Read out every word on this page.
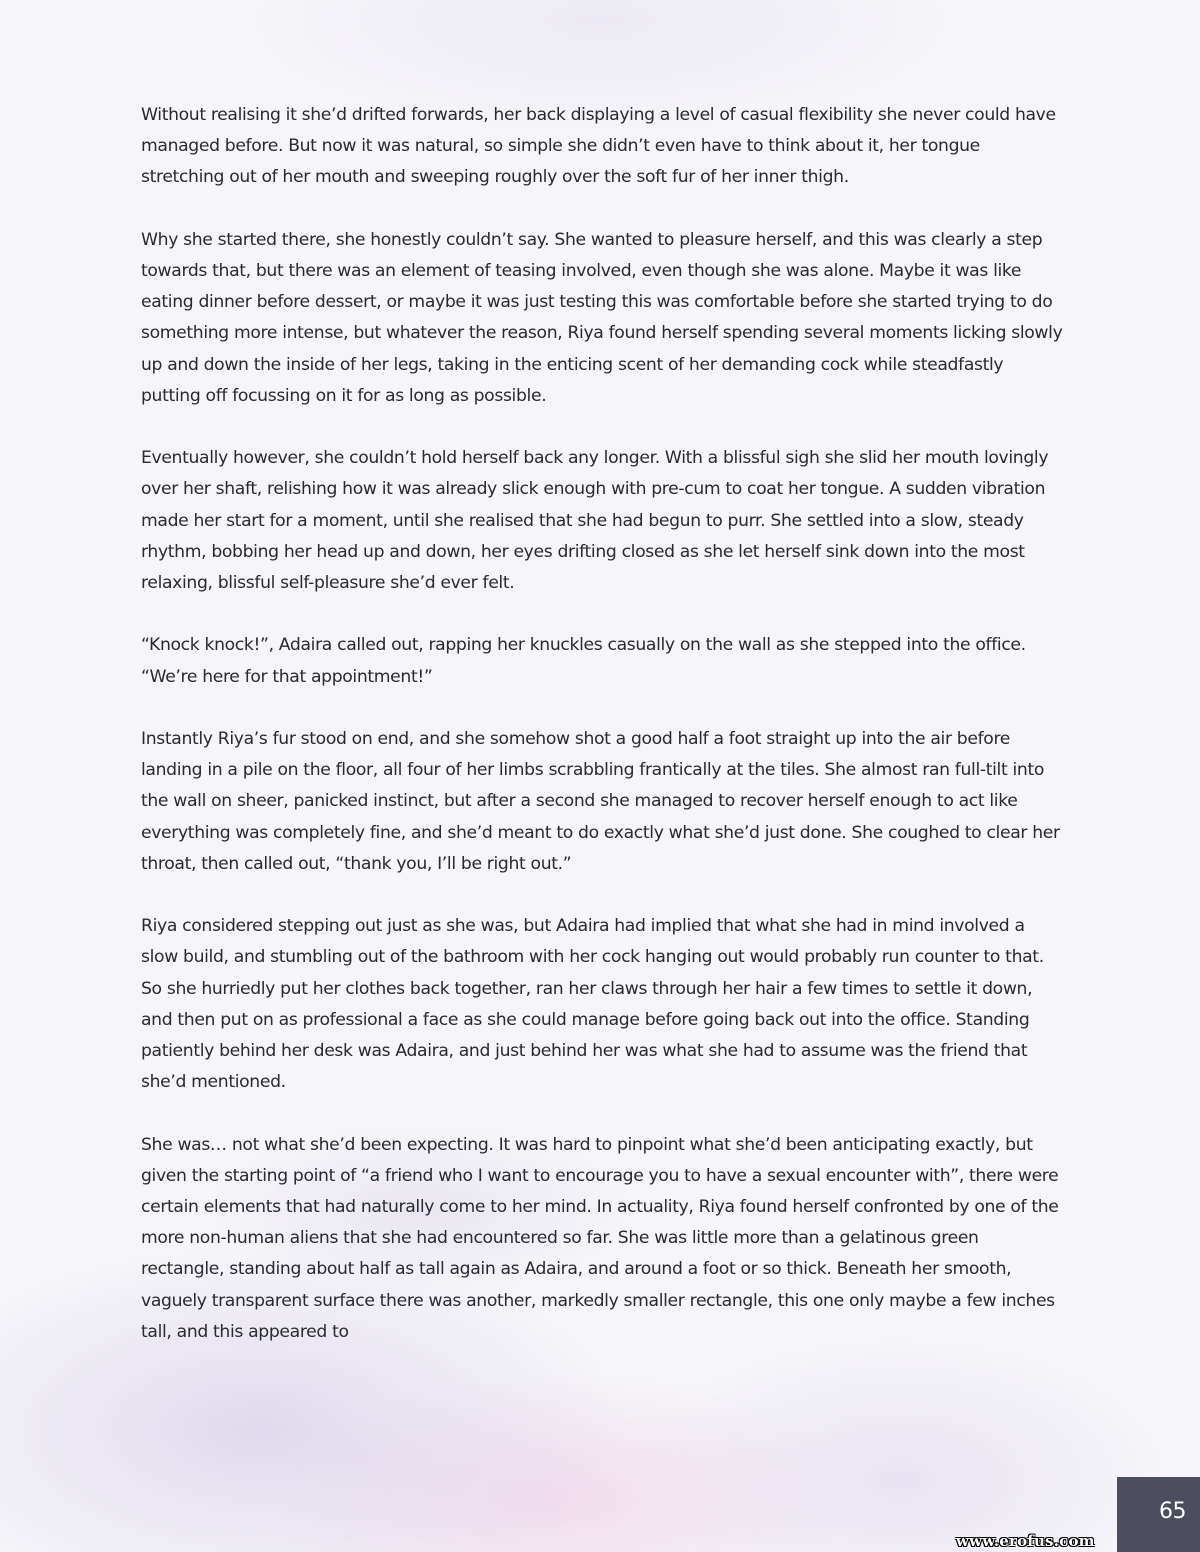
Without realising it she’d drifted forwards, her back displaying a level of casual flexibility she never could have managed before. But now it was natural, so simple she didn’t even have to think about it, her tongue stretching out of her mouth and sweeping roughly over the soft fur of her inner thigh.

Why she started there, she honestly couldn’t say. She wanted to pleasure herself, and this was clearly a step towards that, but there was an element of teasing involved, even though she was alone. Maybe it was like eating dinner before dessert, or maybe it was just testing this was comfortable before she started trying to do something more intense, but whatever the reason, Riya found herself spending several moments licking slowly up and down the inside of her legs, taking in the enticing scent of her demanding cock while steadfastly putting off focussing on it for as long as possible.

Eventually however, she couldn’t hold herself back any longer. With a blissful sigh she slid her mouth lovingly over her shaft, relishing how it was already slick enough with pre-cum to coat her tongue. A sudden vibration made her start for a moment, until she realised that she had begun to purr. She settled into a slow, steady rhythm, bobbing her head up and down, her eyes drifting closed as she let herself sink down into the most relaxing, blissful self-pleasure she’d ever felt.

“Knock knock!”, Adaira called out, rapping her knuckles casually on the wall as she stepped into the office. “We’re here for that appointment!”

Instantly Riya’s fur stood on end, and she somehow shot a good half a foot straight up into the air before landing in a pile on the floor, all four of her limbs scrabbling frantically at the tiles. She almost ran full-tilt into the wall on sheer, panicked instinct, but after a second she managed to recover herself enough to act like everything was completely fine, and she’d meant to do exactly what she’d just done. She coughed to clear her throat, then called out, “thank you, I’ll be right out.”

Riya considered stepping out just as she was, but Adaira had implied that what she had in mind involved a slow build, and stumbling out of the bathroom with her cock hanging out would probably run counter to that. So she hurriedly put her clothes back together, ran her claws through her hair a few times to settle it down, and then put on as professional a face as she could manage before going back out into the office. Standing patiently behind her desk was Adaira, and just behind her was what she had to assume was the friend that she’d mentioned.

She was… not what she’d been expecting. It was hard to pinpoint what she’d been anticipating exactly, but given the starting point of “a friend who I want to encourage you to have a sexual encounter with”, there were certain elements that had naturally come to her mind. In actuality, Riya found herself confronted by one of the more non-human aliens that she had encountered so far. She was little more than a gelatinous green rectangle, standing about half as tall again as Adaira, and around a foot or so thick. Beneath her smooth, vaguely transparent surface there was another, markedly smaller rectangle, this one only maybe a few inches tall, and this appeared to

65
www.erofus.com
